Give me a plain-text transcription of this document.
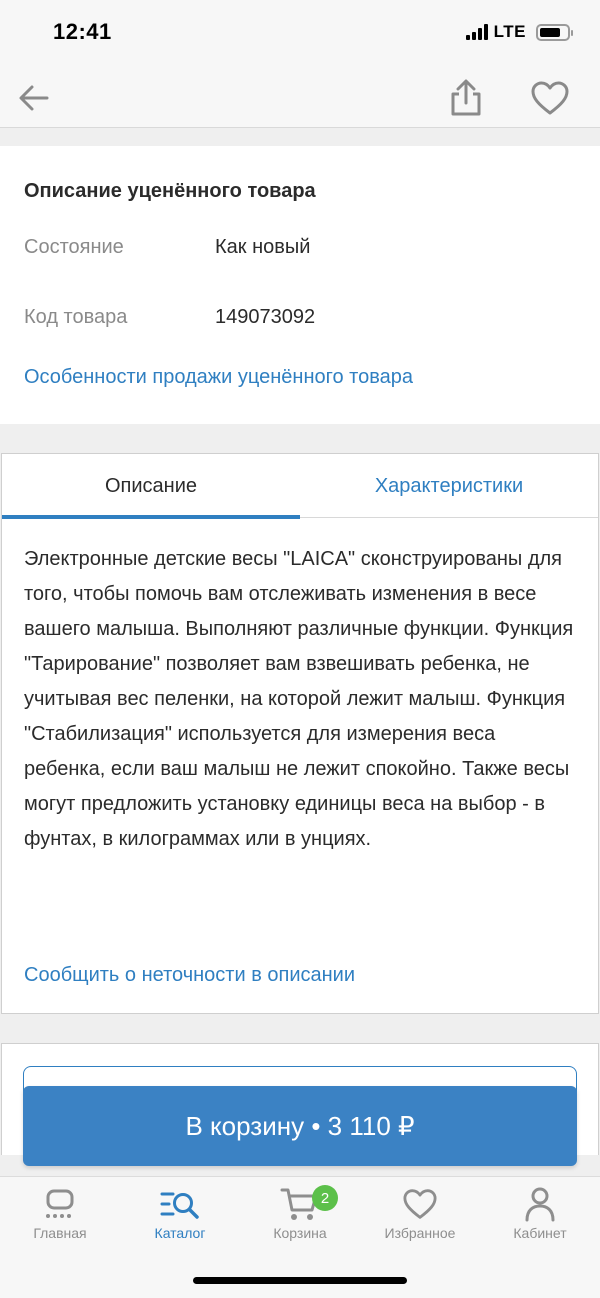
12:41	LTE
Описание уценённого товара
Состояние	Как новый
Код товара	149073092
Особенности продажи уценённого товара
Описание	Характеристики
Электронные детские весы "LAICA" сконструированы для того, чтобы помочь вам отслеживать изменения в весе вашего малыша. Выполняют различные функции. Функция "Тарирование" позволяет вам взвешивать ребенка, не учитывая вес пеленки, на которой лежит малыш. Функция "Стабилизация" используется для измерения веса ребенка, если ваш малыш не лежит спокойно. Также весы могут предложить установку единицы веса на выбор - в фунтах, в килограммах или в унциях.
Сообщить о неточности в описании
В корзину • 3 110 ₽
Главная	Каталог
2
Корзина	Избранное	Кабинет
